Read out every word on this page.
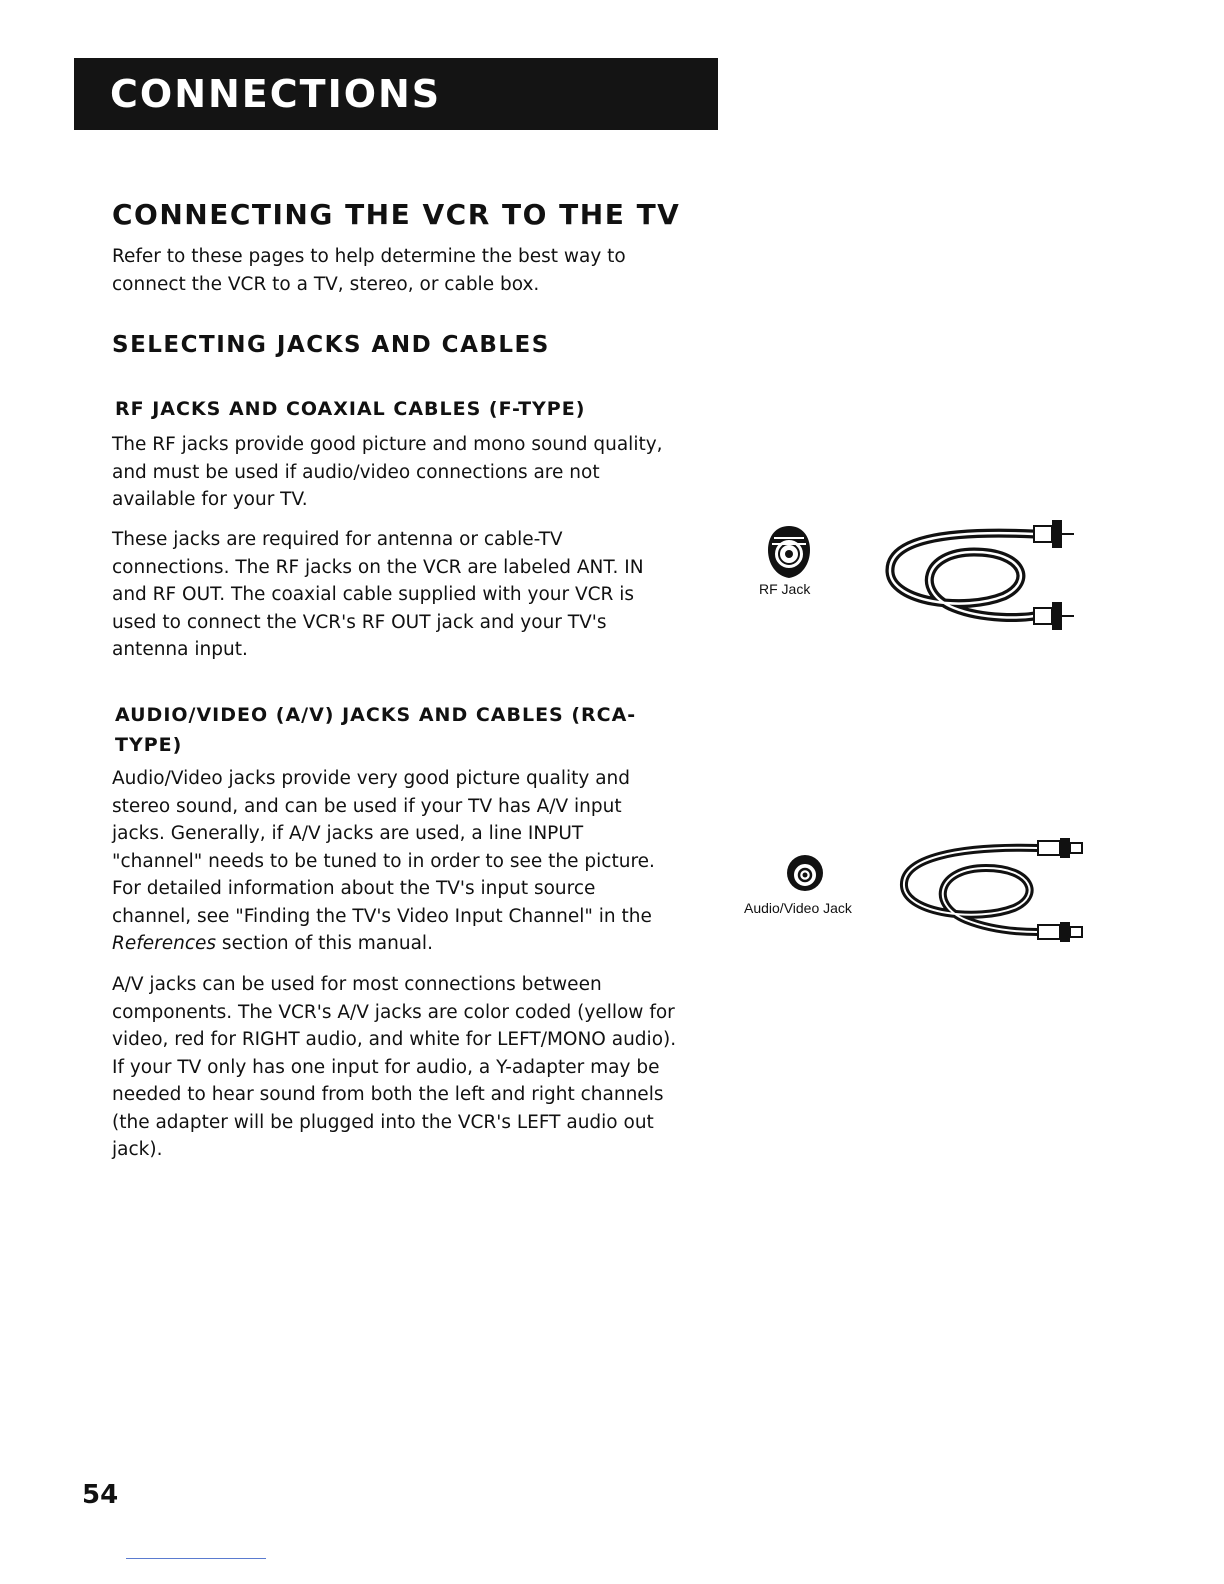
CONNECTIONS
CONNECTING THE VCR TO THE TV

Refer to these pages to help determine the best way to connect the VCR to a TV, stereo, or cable box.

SELECTING JACKS AND CABLES
RF JACKS AND COAXIAL CABLES (F-TYPE)

The RF jacks provide good picture and mono sound quality, and must be used if audio/video connections are not available for your TV.

These jacks are required for antenna or cable-TV connections. The RF jacks on the VCR are labeled ANT. IN and RF OUT. The coaxial cable supplied with your VCR is used to connect the VCR's RF OUT jack and your TV's antenna input.

RF Jack
AUDIO/VIDEO (A/V) JACKS AND CABLES (RCA-TYPE)

Audio/Video jacks provide very good picture quality and stereo sound, and can be used if your TV has A/V input jacks. Generally, if A/V jacks are used, a line INPUT "channel" needs to be tuned to in order to see the picture. For detailed information about the TV's input source channel, see "Finding the TV's Video Input Channel" in the References section of this manual.

A/V jacks can be used for most connections between components. The VCR's A/V jacks are color coded (yellow for video, red for RIGHT audio, and white for LEFT/MONO audio). If your TV only has one input for audio, a Y-adapter may be needed to hear sound from both the left and right channels (the adapter will be plugged into the VCR's LEFT audio out jack).

Audio/Video Jack
54
